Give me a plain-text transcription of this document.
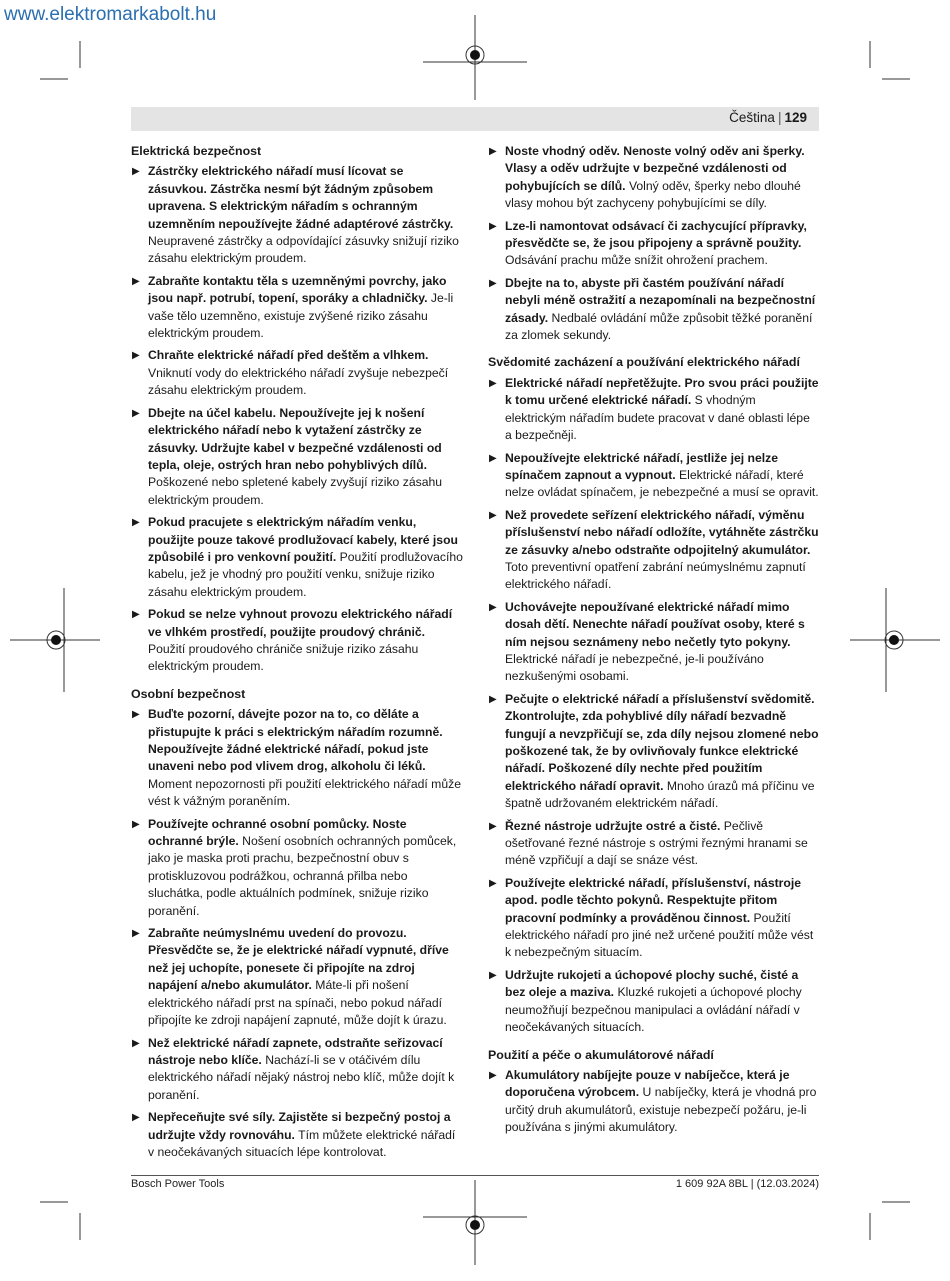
www.elektromarkabolt.hu
Čeština | 129
Elektrická bezpečnost
▶ Zástrčky elektrického nářadí musí lícovat se zásuvkou. Zástrčka nesmí být žádným způsobem upravena. S elektrickým nářadím s ochranným uzemněním nepoužívejte žádné adaptérové zástrčky. Neupravené zástrčky a odpovídající zásuvky snižují riziko zásahu elektrickým proudem.
▶ Zabraňte kontaktu těla s uzemněnými povrchy, jako jsou např. potrubí, topení, sporáky a chladničky. Je-li vaše tělo uzemněno, existuje zvýšené riziko zásahu elektrickým proudem.
▶ Chraňte elektrické nářadí před deštěm a vlhkem. Vniknutí vody do elektrického nářadí zvyšuje nebezpečí zásahu elektrickým proudem.
▶ Dbejte na účel kabelu. Nepoužívejte jej k nošení elektrického nářadí nebo k vytažení zástrčky ze zásuvky. Udržujte kabel v bezpečné vzdálenosti od tepla, oleje, ostrých hran nebo pohyblivých dílů. Poškozené nebo spletené kabely zvyšují riziko zásahu elektrickým proudem.
▶ Pokud pracujete s elektrickým nářadím venku, použijte pouze takové prodlužovací kabely, které jsou způsobilé i pro venkovní použití. Použití prodlužovacího kabelu, jež je vhodný pro použití venku, snižuje riziko zásahu elektrickým proudem.
▶ Pokud se nelze vyhnout provozu elektrického nářadí ve vlhkém prostředí, použijte proudový chránič. Použití proudového chrániče snižuje riziko zásahu elektrickým proudem.
Osobní bezpečnost
▶ Buďte pozorní, dávejte pozor na to, co děláte a přistupujte k práci s elektrickým nářadím rozumně. Nepoužívejte žádné elektrické nářadí, pokud jste unaveni nebo pod vlivem drog, alkoholu či léků. Moment nepozornosti při použití elektrického nářadí může vést k vážným poraněním.
▶ Používejte ochranné osobní pomůcky. Noste ochranné brýle. Nošení osobních ochranných pomůcek, jako je maska proti prachu, bezpečnostní obuv s protiskluzovou podrážkou, ochranná přilba nebo sluchátka, podle aktuálních podmínek, snižuje riziko poranění.
▶ Zabraňte neúmyslnému uvedení do provozu. Přesvědčte se, že je elektrické nářadí vypnuté, dříve než jej uchopíte, ponesete či připojíte na zdroj napájení a/nebo akumulátor. Máte-li při nošení elektrického nářadí prst na spínači, nebo pokud nářadí připojíte ke zdroji napájení zapnuté, může dojít k úrazu.
▶ Než elektrické nářadí zapnete, odstraňte seřizovací nástroje nebo klíče. Nachází-li se v otáčivém dílu elektrického nářadí nějaký nástroj nebo klíč, může dojít k poranění.
▶ Nepřeceňujte své síly. Zajistěte si bezpečný postoj a udržujte vždy rovnováhu. Tím můžete elektrické nářadí v neočekávaných situacích lépe kontrolovat.
▶ Noste vhodný oděv. Nenoste volný oděv ani šperky. Vlasy a oděv udržujte v bezpečné vzdálenosti od pohybujících se dílů. Volný oděv, šperky nebo dlouhé vlasy mohou být zachyceny pohybujícími se díly.
▶ Lze-li namontovat odsávací či zachycující přípravky, přesvědčte se, že jsou připojeny a správně použity. Odsávání prachu může snížit ohrožení prachem.
▶ Dbejte na to, abyste při častém používání nářadí nebyli méně ostražití a nezapomínali na bezpečnostní zásady. Nedbalé ovládání může způsobit těžké poranění za zlomek sekundy.
Svědomité zacházení a používání elektrického nářadí
▶ Elektrické nářadí nepřetěžujte. Pro svou práci použijte k tomu určené elektrické nářadí. S vhodným elektrickým nářadím budete pracovat v dané oblasti lépe a bezpečněji.
▶ Nepoužívejte elektrické nářadí, jestliže jej nelze spínačem zapnout a vypnout. Elektrické nářadí, které nelze ovládat spínačem, je nebezpečné a musí se opravit.
▶ Než provedete seřízení elektrického nářadí, výměnu příslušenství nebo nářadí odložíte, vytáhněte zástrčku ze zásuvky a/nebo odstraňte odpojitelný akumulátor. Toto preventivní opatření zabrání neúmyslnému zapnutí elektrického nářadí.
▶ Uchovávejte nepoužívané elektrické nářadí mimo dosah dětí. Nenechte nářadí používat osoby, které s ním nejsou seznámeny nebo nečetly tyto pokyny. Elektrické nářadí je nebezpečné, je-li používáno nezkušenými osobami.
▶ Pečujte o elektrické nářadí a příslušenství svědomitě. Zkontrolujte, zda pohyblivé díly nářadí bezvadně fungují a nevzpřičují se, zda díly nejsou zlomené nebo poškozené tak, že by ovlivňovaly funkce elektrické nářadí. Poškozené díly nechte před použitím elektrického nářadí opravit. Mnoho úrazů má příčinu ve špatně udržovaném elektrickém nářadí.
▶ Řezné nástroje udržujte ostré a čisté. Pečlivě ošetřované řezné nástroje s ostrými řeznými hranami se méně vzpřičují a dají se snáze vést.
▶ Používejte elektrické nářadí, příslušenství, nástroje apod. podle těchto pokynů. Respektujte přitom pracovní podmínky a prováděnou činnost. Použití elektrického nářadí pro jiné než určené použití může vést k nebezpečným situacím.
▶ Udržujte rukojeti a úchopové plochy suché, čisté a bez oleje a maziva. Kluzké rukojeti a úchopové plochy neumožňují bezpečnou manipulaci a ovládání nářadí v neočekávaných situacích.
Použití a péče o akumulátorové nářadí
▶ Akumulátory nabíjejte pouze v nabíječce, která je doporučena výrobcem. U nabíječky, která je vhodná pro určitý druh akumulátorů, existuje nebezpečí požáru, je-li používána s jinými akumulátory.
Bosch Power Tools	1 609 92A 8BL | (12.03.2024)
